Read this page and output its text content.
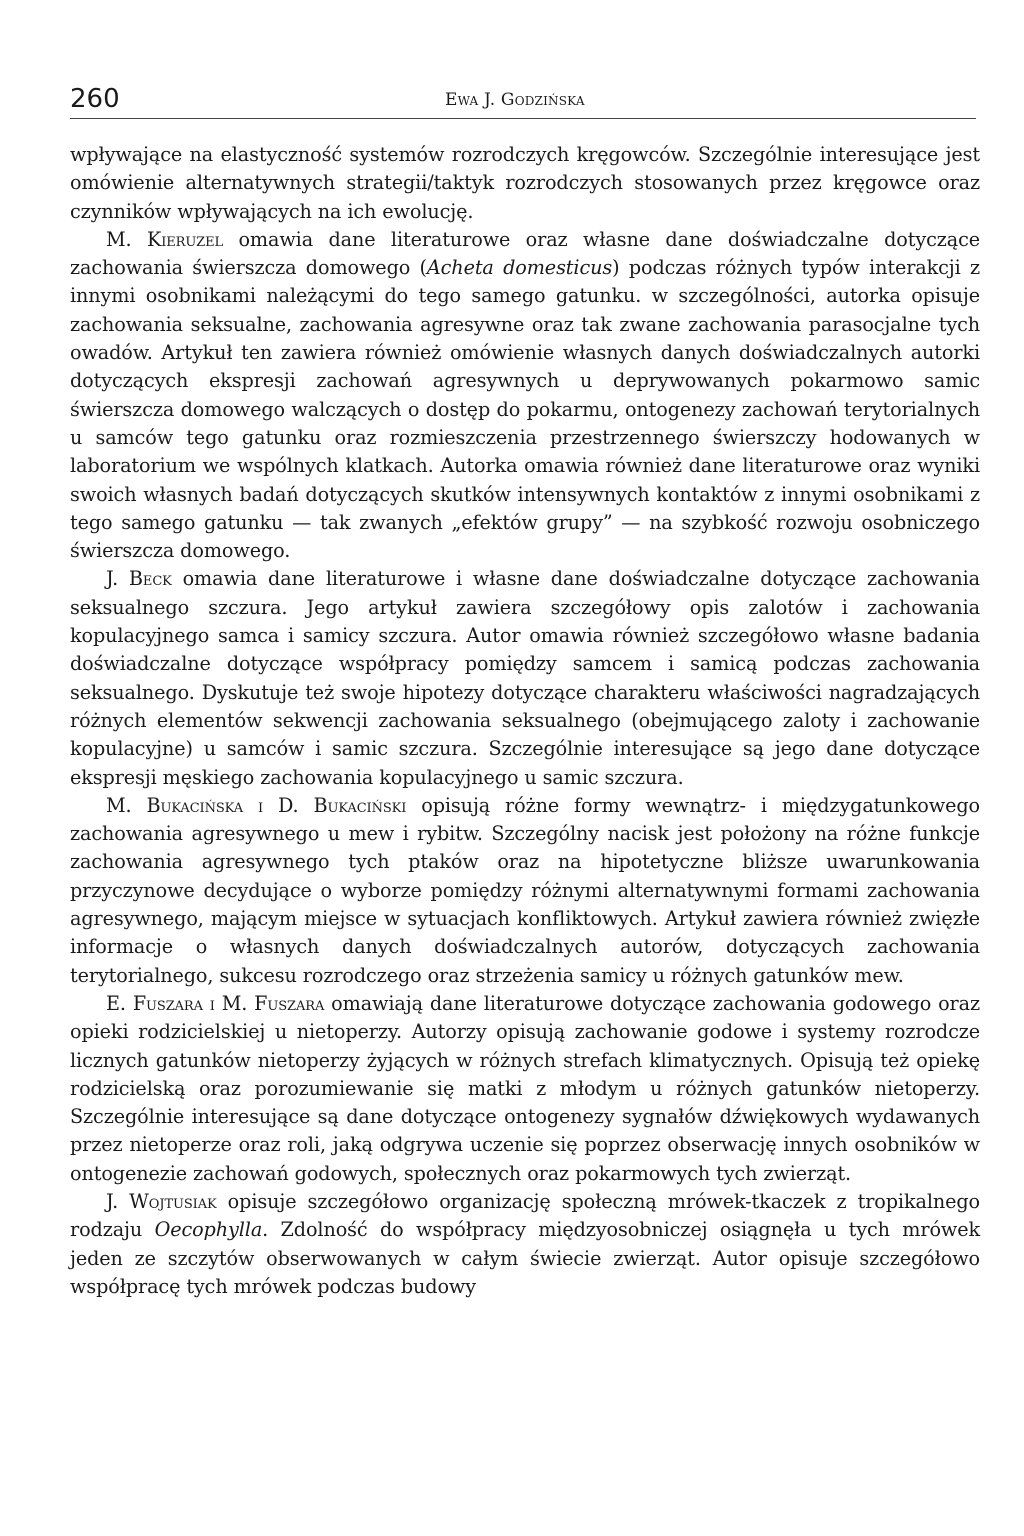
260	Ewa J. Godzińska

wpływające na elastyczność systemów rozrodczych kręgowców. Szczególnie interesujące jest omówienie alternatywnych strategii/taktyk rozrodczych stosowanych przez kręgowce oraz czynników wpływających na ich ewolucję.

M. Kieruzel omawia dane literaturowe oraz własne dane doświadczalne dotyczące zachowania świerszcza domowego (Acheta domesticus) podczas różnych typów interakcji z innymi osobnikami należącymi do tego samego gatunku. w szczególności, autorka opisuje zachowania seksualne, zachowania agresywne oraz tak zwane zachowania parasocjalne tych owadów. Artykuł ten zawiera również omówienie własnych danych doświadczalnych autorki dotyczących ekspresji zachowań agresywnych u deprywowanych pokarmowo samic świerszcza domowego walczących o dostęp do pokarmu, ontogenezy zachowań terytorialnych u samców tego gatunku oraz rozmieszczenia przestrzennego świerszczy hodowanych w laboratorium we wspólnych klatkach. Autorka omawia również dane literaturowe oraz wyniki swoich własnych badań dotyczących skutków intensywnych kontaktów z innymi osobnikami z tego samego gatunku — tak zwanych „efektów grupy” — na szybkość rozwoju osobniczego świerszcza domowego.

J. Beck omawia dane literaturowe i własne dane doświadczalne dotyczące zachowania seksualnego szczura. Jego artykuł zawiera szczegółowy opis zalotów i zachowania kopulacyjnego samca i samicy szczura. Autor omawia również szczegółowo własne badania doświadczalne dotyczące współpracy pomiędzy samcem i samicą podczas zachowania seksualnego. Dyskutuje też swoje hipotezy dotyczące charakteru właściwości nagradzających różnych elementów sekwencji zachowania seksualnego (obejmującego zaloty i zachowanie kopulacyjne) u samców i samic szczura. Szczególnie interesujące są jego dane dotyczące ekspresji męskiego zachowania kopulacyjnego u samic szczura.

M. Bukacińska i D. Bukaciński opisują różne formy wewnątrz- i międzygatunkowego zachowania agresywnego u mew i rybitw. Szczególny nacisk jest położony na różne funkcje zachowania agresywnego tych ptaków oraz na hipotetyczne bliższe uwarunkowania przyczynowe decydujące o wyborze pomiędzy różnymi alternatywnymi formami zachowania agresywnego, mającym miejsce w sytuacjach konfliktowych. Artykuł zawiera również zwięzłe informacje o własnych danych doświadczalnych autorów, dotyczących zachowania terytorialnego, sukcesu rozrodczego oraz strzeżenia samicy u różnych gatunków mew.

E. Fuszara i M. Fuszara omawiają dane literaturowe dotyczące zachowania godowego oraz opieki rodzicielskiej u nietoperzy. Autorzy opisują zachowanie godowe i systemy rozrodcze licznych gatunków nietoperzy żyjących w różnych strefach klimatycznych. Opisują też opiekę rodzicielską oraz porozumiewanie się matki z młodym u różnych gatunków nietoperzy. Szczególnie interesujące są dane dotyczące ontogenezy sygnałów dźwiękowych wydawanych przez nietoperze oraz roli, jaką odgrywa uczenie się poprzez obserwację innych osobników w ontogenezie zachowań godowych, społecznych oraz pokarmowych tych zwierząt.

J. Wojtusiak opisuje szczegółowo organizację społeczną mrówek-tkaczek z tropikalnego rodzaju Oecophylla. Zdolność do współpracy międzyosobniczej osiągnęła u tych mrówek jeden ze szczytów obserwowanych w całym świecie zwierząt. Autor opisuje szczegółowo współpracę tych mrówek podczas budowy
